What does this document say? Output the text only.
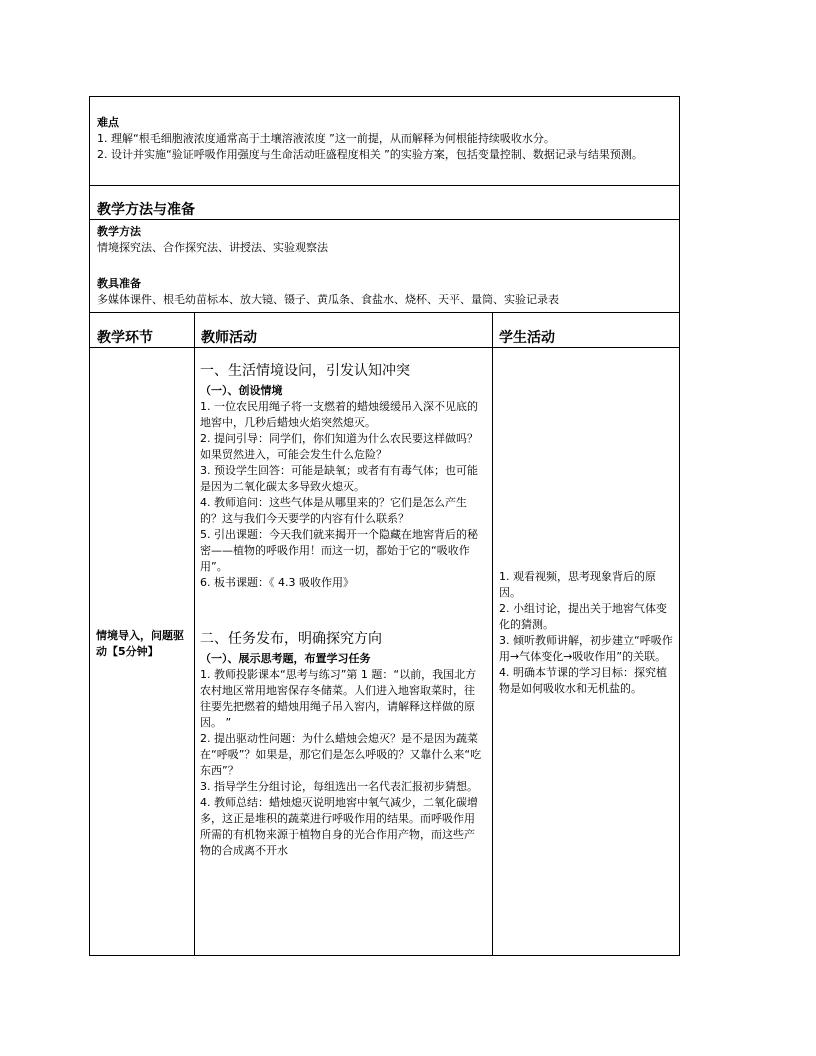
难点
1. 理解“根毛细胞液浓度通常高于土壤溶液浓度 ”这一前提，从而解释为何根能持续吸收水分。
2. 设计并实施“验证呼吸作用强度与生命活动旺盛程度相关 ”的实验方案，包括变量控制、数据记录与结果预测。
教学方法与准备
教学方法
情境探究法、合作探究法、讲授法、实验观察法
教具准备
多媒体课件、根毛幼苗标本、放大镜、镊子、黄瓜条、食盐水、烧杯、天平、量筒、实验记录表
教学环节	教师活动	学生活动
情境导入，问题驱动【5分钟】
一、生活情境设问，引发认知冲突
（一）、创设情境
1. 一位农民用绳子将一支燃着的蜡烛缓缓吊入深不见底的地窖中，几秒后蜡烛火焰突然熄灭。
2. 提问引导：同学们，你们知道为什么农民要这样做吗？如果贸然进入，可能会发生什么危险？
3. 预设学生回答：可能是缺氧；或者有有毒气体；也可能是因为二氧化碳太多导致火熄灭。
4. 教师追问：这些气体是从哪里来的？它们是怎么产生的？这与我们今天要学的内容有什么联系？
5. 引出课题：今天我们就来揭开一个隐藏在地窖背后的秘密——植物的呼吸作用！而这一切，都始于它的“吸收作用”。
6. 板书课题：《 4.3 吸收作用》
二、任务发布，明确探究方向
（一）、展示思考题，布置学习任务
1. 教师投影课本“思考与练习”第 1 题：“以前，我国北方农村地区常用地窖保存冬储菜。人们进入地窖取菜时，往往要先把燃着的蜡烛用绳子吊入窖内，请解释这样做的原因。 ”
2. 提出驱动性问题：为什么蜡烛会熄灭？是不是因为蔬菜在“呼吸”？如果是，那它们是怎么呼吸的？又靠什么来“吃东西”？
3. 指导学生分组讨论，每组选出一名代表汇报初步猜想。
4. 教师总结：蜡烛熄灭说明地窖中氧气减少，二氧化碳增多，这正是堆积的蔬菜进行呼吸作用的结果。而呼吸作用所需的有机物来源于植物自身的光合作用产物，而这些产物的合成离不开水
1. 观看视频，思考现象背后的原因。
2. 小组讨论，提出关于地窖气体变化的猜测。
3. 倾听教师讲解，初步建立“呼吸作用→气体变化→吸收作用”的关联。
4. 明确本节课的学习目标：探究植物是如何吸收水和无机盐的。
